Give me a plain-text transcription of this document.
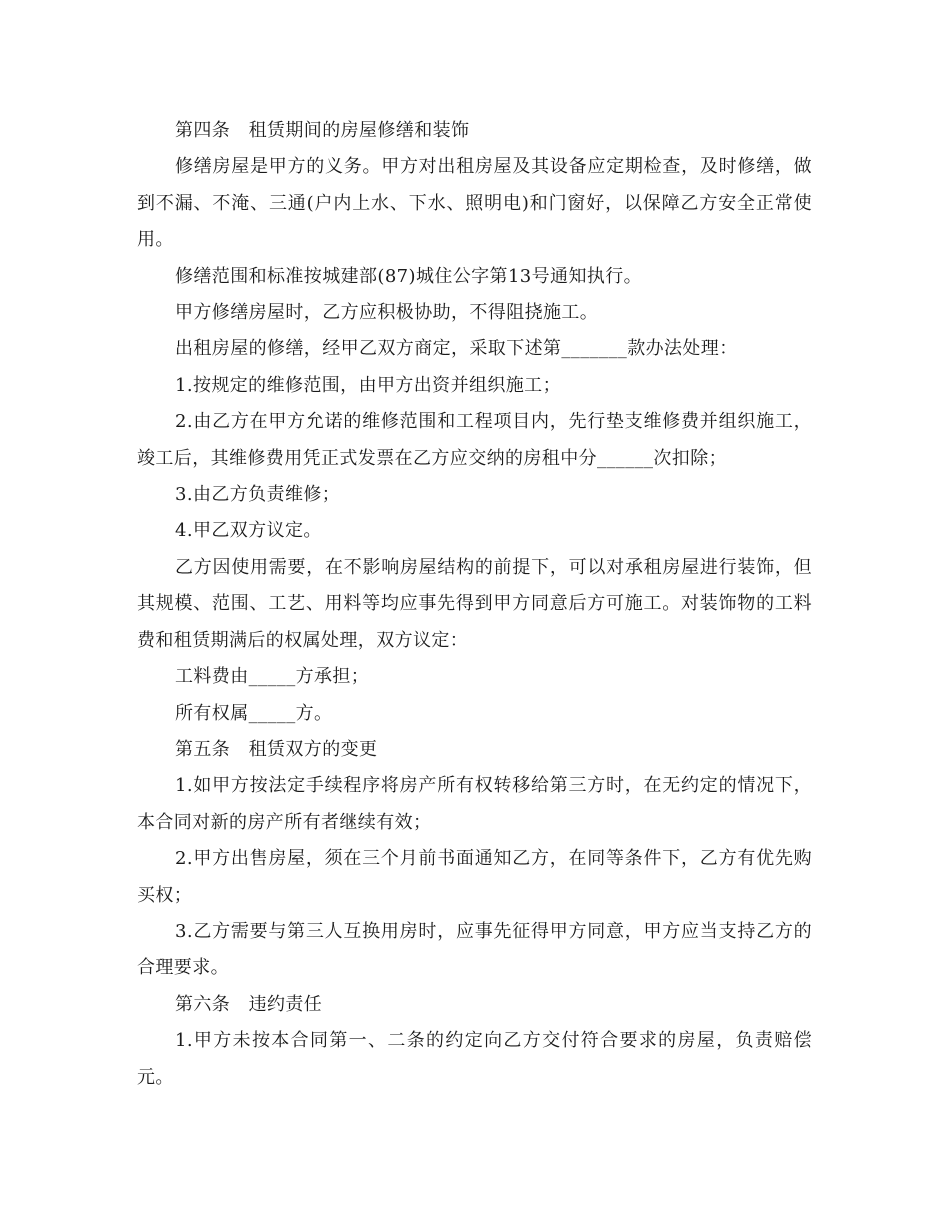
第四条　租赁期间的房屋修缮和装饰

修缮房屋是甲方的义务。甲方对出租房屋及其设备应定期检查，及时修缮，做到不漏、不淹、三通(户内上水、下水、照明电)和门窗好，以保障乙方安全正常使用。

修缮范围和标准按城建部(87)城住公字第13号通知执行。

甲方修缮房屋时，乙方应积极协助，不得阻挠施工。

出租房屋的修缮，经甲乙双方商定，采取下述第_______款办法处理：

1.按规定的维修范围，由甲方出资并组织施工；

2.由乙方在甲方允诺的维修范围和工程项目内，先行垫支维修费并组织施工，竣工后，其维修费用凭正式发票在乙方应交纳的房租中分______次扣除；

3.由乙方负责维修；

4.甲乙双方议定。

乙方因使用需要，在不影响房屋结构的前提下，可以对承租房屋进行装饰，但其规模、范围、工艺、用料等均应事先得到甲方同意后方可施工。对装饰物的工料费和租赁期满后的权属处理，双方议定：

工料费由_____方承担；

所有权属_____方。

第五条　租赁双方的变更

1.如甲方按法定手续程序将房产所有权转移给第三方时，在无约定的情况下，本合同对新的房产所有者继续有效；

2.甲方出售房屋，须在三个月前书面通知乙方，在同等条件下，乙方有优先购买权；

3.乙方需要与第三人互换用房时，应事先征得甲方同意，甲方应当支持乙方的合理要求。

第六条　违约责任

1.甲方未按本合同第一、二条的约定向乙方交付符合要求的房屋，负责赔偿元。
